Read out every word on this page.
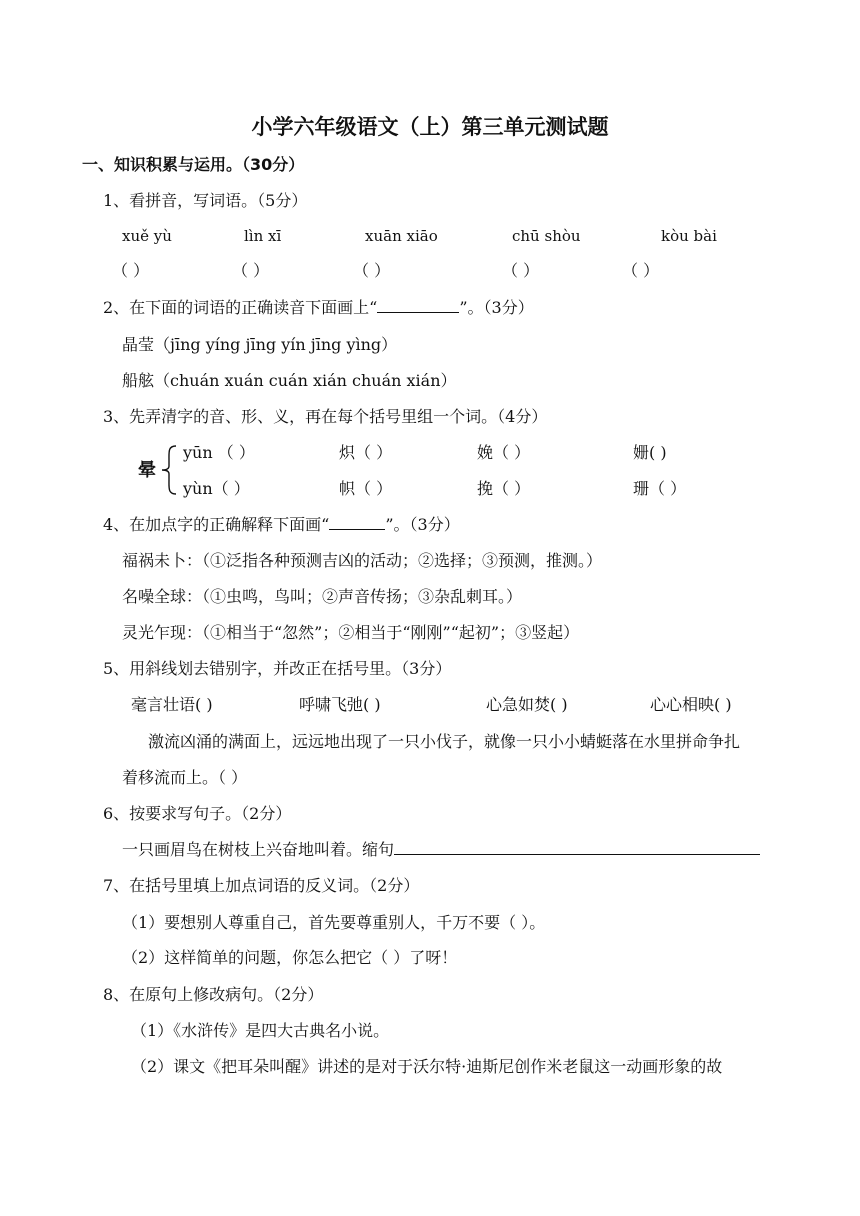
小学六年级语文（上）第三单元测试题
一、知识积累与运用。（30分）
1、看拼音，写词语。（5分）
xuě yù	lìn xī	xuān xiāo	chū shòu	kòu bài
（ ）	（ ）	（ ）	（ ）	（ ）
2、在下面的词语的正确读音下面画上“	”。（3分）
晶莹（jīng yíng jīng yín jīng yìng）
船舷（chuán xuán cuán xián chuán xián）
3、先弄清字的音、形、义，再在每个括号里组一个词。（4分）
晕
yūn （ ）	炽（ ）	娩（ ）	姗( )
yùn（ ）	帜（ ）	挽（ ）	珊（ ）
4、在加点字的正确解释下面画“	”。（3分）
福祸未卜：（①泛指各种预测吉凶的活动；②选择；③预测，推测。）
名噪全球：（①虫鸣，鸟叫；②声音传扬；③杂乱刺耳。）
灵光乍现：（①相当于“忽然”；②相当于“刚刚”“起初”；③竖起）
5、用斜线划去错别字，并改正在括号里。（3分）
毫言壮语( )	呼啸飞弛( )	心急如焚( )	心心相映( )
激流凶涌的满面上，远远地出现了一只小伐子，就像一只小小蜻蜓落在水里拼命争扎
着移流而上。（ ）
6、按要求写句子。（2分）
一只画眉鸟在树枝上兴奋地叫着。缩句
7、在括号里填上加点词语的反义词。（2分）
（1）要想别人尊重自己，首先要尊重别人，千万不要（ ）。
（2）这样简单的问题，你怎么把它（ ）了呀！
8、在原句上修改病句。（2分）
（1）《水浒传》是四大古典名小说。
（2）课文《把耳朵叫醒》讲述的是对于沃尔特·迪斯尼创作米老鼠这一动画形象的故
